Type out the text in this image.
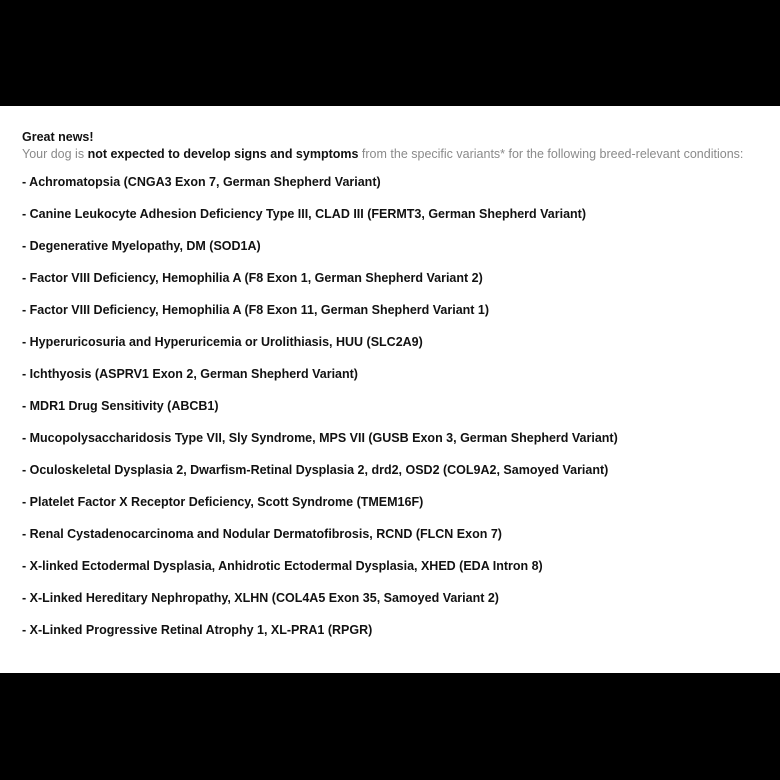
Great news!
Your dog is not expected to develop signs and symptoms from the specific variants* for the following breed-relevant conditions:
- Achromatopsia (CNGA3 Exon 7, German Shepherd Variant)
- Canine Leukocyte Adhesion Deficiency Type III, CLAD III (FERMT3, German Shepherd Variant)
- Degenerative Myelopathy, DM (SOD1A)
- Factor VIII Deficiency, Hemophilia A (F8 Exon 1, German Shepherd Variant 2)
- Factor VIII Deficiency, Hemophilia A (F8 Exon 11, German Shepherd Variant 1)
- Hyperuricosuria and Hyperuricemia or Urolithiasis, HUU (SLC2A9)
- Ichthyosis (ASPRV1 Exon 2, German Shepherd Variant)
- MDR1 Drug Sensitivity (ABCB1)
- Mucopolysaccharidosis Type VII, Sly Syndrome, MPS VII (GUSB Exon 3, German Shepherd Variant)
- Oculoskeletal Dysplasia 2, Dwarfism-Retinal Dysplasia 2, drd2, OSD2 (COL9A2, Samoyed Variant)
- Platelet Factor X Receptor Deficiency, Scott Syndrome (TMEM16F)
- Renal Cystadenocarcinoma and Nodular Dermatofibrosis, RCND (FLCN Exon 7)
- X-linked Ectodermal Dysplasia, Anhidrotic Ectodermal Dysplasia, XHED (EDA Intron 8)
- X-Linked Hereditary Nephropathy, XLHN (COL4A5 Exon 35, Samoyed Variant 2)
- X-Linked Progressive Retinal Atrophy 1, XL-PRA1 (RPGR)
